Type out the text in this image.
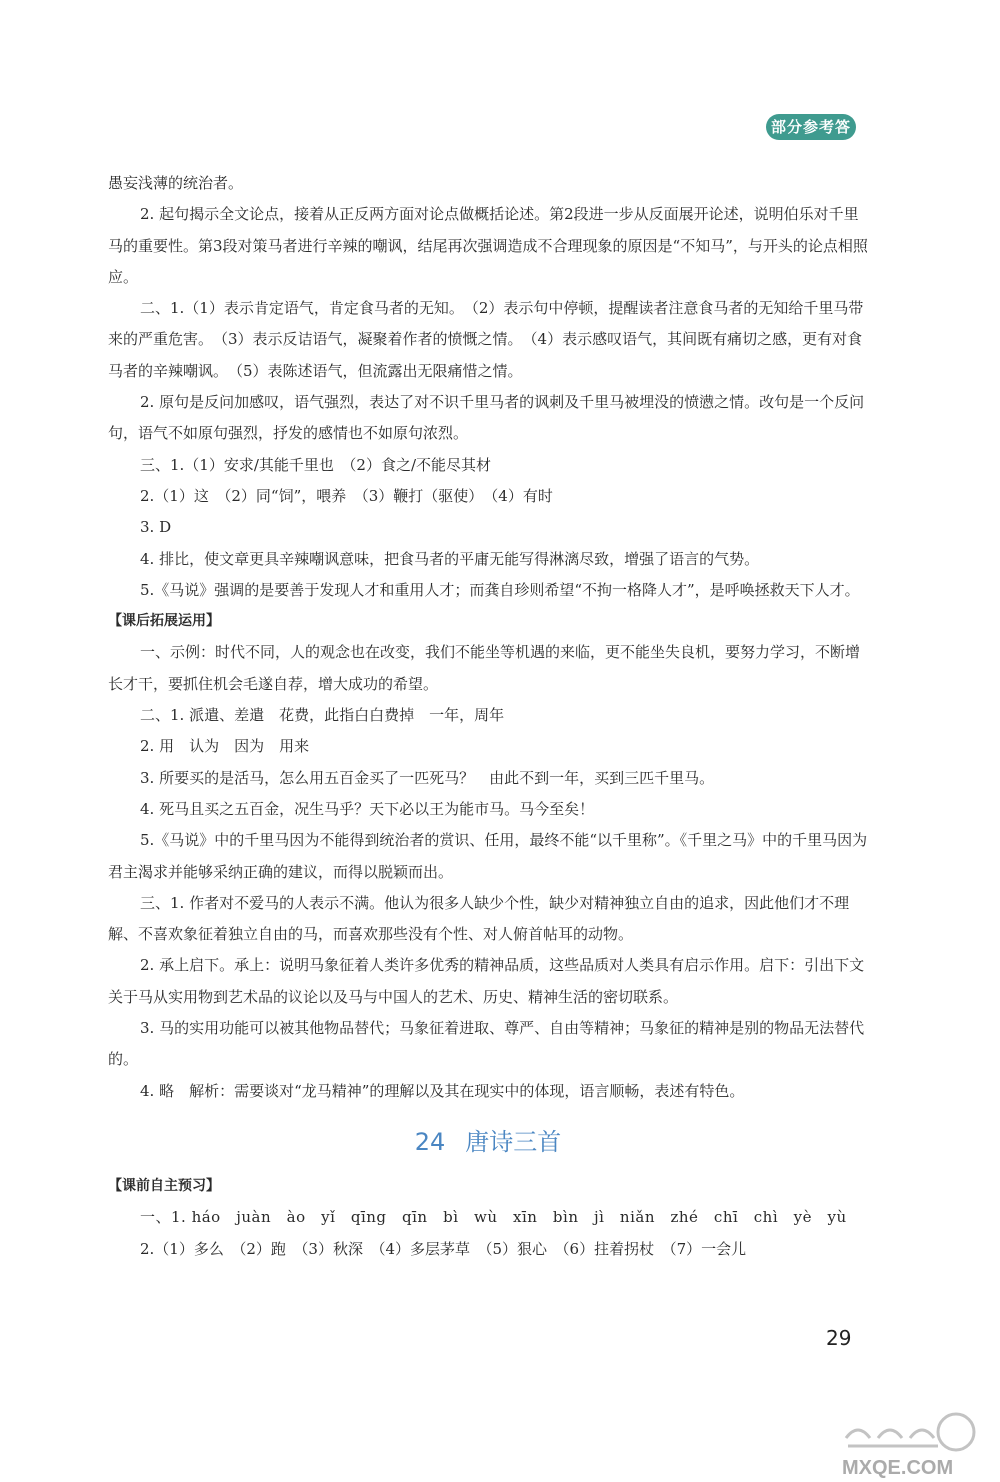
部分参考答案

愚妄浅薄的统治者。

2. 起句揭示全文论点，接着从正反两方面对论点做概括论述。第2段进一步从反面展开论述，说明伯乐对千里马的重要性。第3段对策马者进行辛辣的嘲讽，结尾再次强调造成不合理现象的原因是“不知马”，与开头的论点相照应。

二、1.（1）表示肯定语气，肯定食马者的无知。　（2）表示句中停顿，提醒读者注意食马者的无知给千里马带来的严重危害。　（3）表示反诘语气，凝聚着作者的愤慨之情。　（4）表示感叹语气，其间既有痛切之感，更有对食马者的辛辣嘲讽。　（5）表陈述语气，但流露出无限痛惜之情。

2. 原句是反问加感叹，语气强烈，表达了对不识千里马者的讽刺及千里马被埋没的愤懑之情。改句是一个反问句，语气不如原句强烈，抒发的感情也不如原句浓烈。

三、1.（1）安求/其能千里也　（2）食之/不能尽其材

2.（1）这　（2）同“饲”，喂养　（3）鞭打（驱使）　（4）有时

3. D

4. 排比，使文章更具辛辣嘲讽意味，把食马者的平庸无能写得淋漓尽致，增强了语言的气势。

5.《马说》强调的是要善于发现人才和重用人才；而龚自珍则希望“不拘一格降人才”，是呼唤拯救天下人才。

【课后拓展运用】

一、示例：时代不同，人的观念也在改变，我们不能坐等机遇的来临，更不能坐失良机，要努力学习，不断增长才干，要抓住机会毛遂自荐，增大成功的希望。

二、1. 派遣、差遣　花费，此指白白费掉　一年，周年

2. 用　认为　因为　用来

3. 所要买的是活马，怎么用五百金买了一匹死马？　由此不到一年，买到三匹千里马。

4. 死马且买之五百金，况生马乎？天下必以王为能市马。马今至矣！

5.《马说》中的千里马因为不能得到统治者的赏识、任用，最终不能“以千里称”。《千里之马》中的千里马因为君主渴求并能够采纳正确的建议，而得以脱颖而出。

三、1. 作者对不爱马的人表示不满。他认为很多人缺少个性，缺少对精神独立自由的追求，因此他们才不理解、不喜欢象征着独立自由的马，而喜欢那些没有个性、对人俯首帖耳的动物。

2. 承上启下。承上：说明马象征着人类许多优秀的精神品质，这些品质对人类具有启示作用。启下：引出下文关于马从实用物到艺术品的议论以及马与中国人的艺术、历史、精神生活的密切联系。

3. 马的实用功能可以被其他物品替代；马象征着进取、尊严、自由等精神；马象征的精神是别的物品无法替代的。

4. 略　解析：需要谈对“龙马精神”的理解以及其在现实中的体现，语言顺畅，表述有特色。

24 唐诗三首

【课前自主预习】

一、1. háo　juàn　ào　yǐ　qīng　qīn　bì　wù　xīn　bìn　jì　niǎn　zhé　chī　chì　yè　yù

2.（1）多么　（2）跑　（3）秋深　（4）多层茅草　（5）狠心　（6）拄着拐杖　（7）一会儿

29
MXQE.COM
